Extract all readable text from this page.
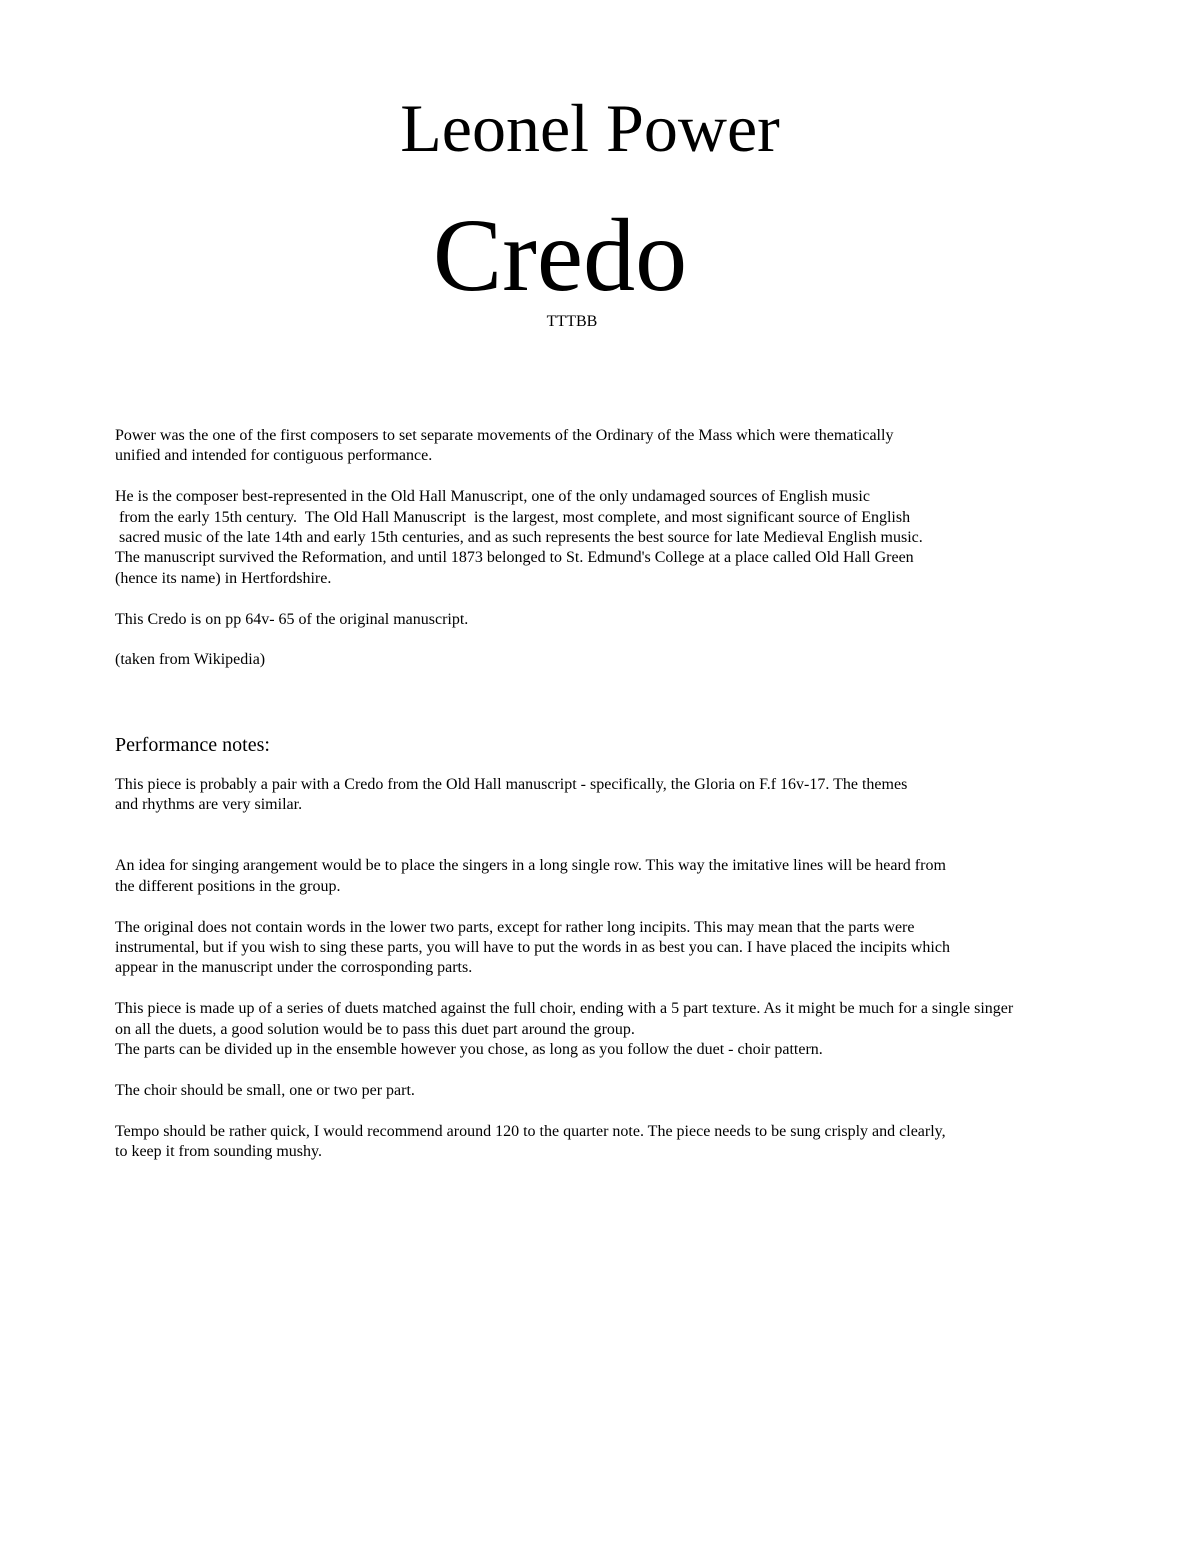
Leonel Power
Credo
TTTBB

Power was the one of the first composers to set separate movements of the Ordinary of the Mass which were thematically

unified and intended for contiguous performance.

He is the composer best-represented in the Old Hall Manuscript, one of the only undamaged sources of English music

from the early 15th century.  The Old Hall Manuscript  is the largest, most complete, and most significant source of English

sacred music of the late 14th and early 15th centuries, and as such represents the best source for late Medieval English music.

The manuscript survived the Reformation, and until 1873 belonged to St. Edmund's College at a place called Old Hall Green

(hence its name) in Hertfordshire.

This Credo is on pp 64v- 65 of the original manuscript.

(taken from Wikipedia)

Performance notes:

This piece is probably a pair with a Credo from the Old Hall manuscript - specifically, the Gloria on F.f 16v-17. The themes

and rhythms are very similar.

An idea for singing arangement would be to place the singers in a long single row. This way the imitative lines will be heard from

the different positions in the group.

The original does not contain words in the lower two parts, except for rather long incipits. This may mean that the parts were

instrumental, but if you wish to sing these parts, you will have to put the words in as best you can. I have placed the incipits which

appear in the manuscript under the corrosponding parts.

This piece is made up of a series of duets matched against the full choir, ending with a 5 part texture. As it might be much for a single singer

on all the duets, a good solution would be to pass this duet part around the group.

The parts can be divided up in the ensemble however you chose, as long as you follow the duet - choir pattern.

The choir should be small, one or two per part.

Tempo should be rather quick, I would recommend around 120 to the quarter note. The piece needs to be sung crisply and clearly,

to keep it from sounding mushy.
